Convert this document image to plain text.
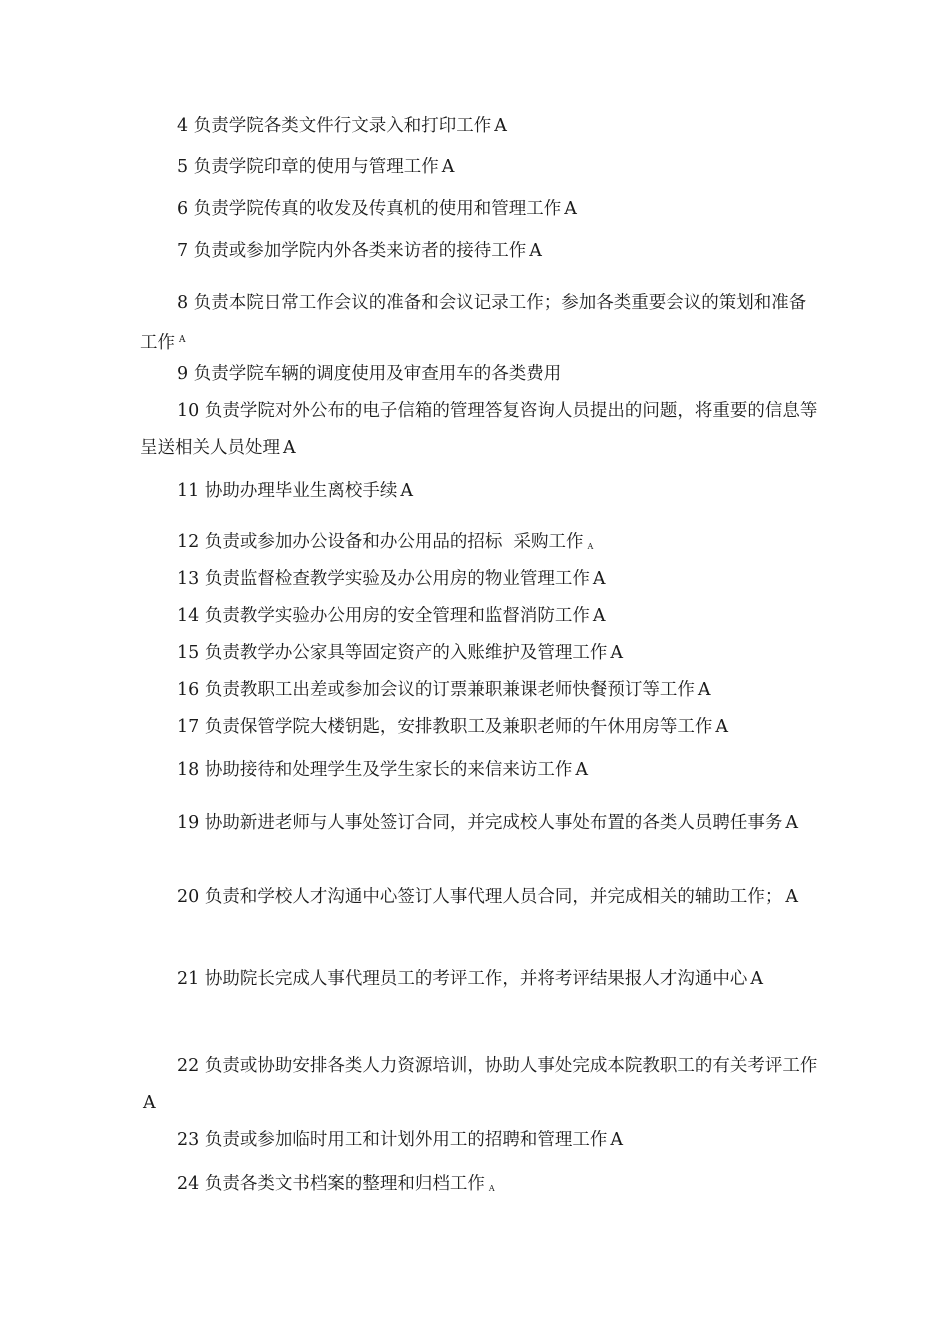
4 负责学院各类文件行文录入和打印工作 A

5 负责学院印章的使用与管理工作 A

6 负责学院传真的收发及传真机的使用和管理工作 A

7 负责或参加学院内外各类来访者的接待工作 A

8 负责本院日常工作会议的准备和会议记录工作；参加各类重要会议的策划和准备工作 $^A$

9 负责学院车辆的调度使用及审查用车的各类费用

10 负责学院对外公布的电子信箱的管理答复咨询人员提出的问题，将重要的信息等呈送相关人员处理 A

11 协助办理毕业生离校手续 A

12 负责或参加办公设备和办公用品的招标  采购工作 A

13 负责监督检查教学实验及办公用房的物业管理工作 A

14 负责教学实验办公用房的安全管理和监督消防工作 A

15 负责教学办公家具等固定资产的入账维护及管理工作 A

16 负责教职工出差或参加会议的订票兼职兼课老师快餐预订等工作 A

17 负责保管学院大楼钥匙，安排教职工及兼职老师的午休用房等工作 A

18 协助接待和处理学生及学生家长的来信来访工作 A

19 协助新进老师与人事处签订合同，并完成校人事处布置的各类人员聘任事务 A

20 负责和学校人才沟通中心签订人事代理人员合同，并完成相关的辅助工作； A

21 协助院长完成人事代理员工的考评工作，并将考评结果报人才沟通中心 A

22 负责或协助安排各类人力资源培训，协助人事处完成本院教职工的有关考评工作A

23 负责或参加临时用工和计划外用工的招聘和管理工作 A

24 负责各类文书档案的整理和归档工作 A
